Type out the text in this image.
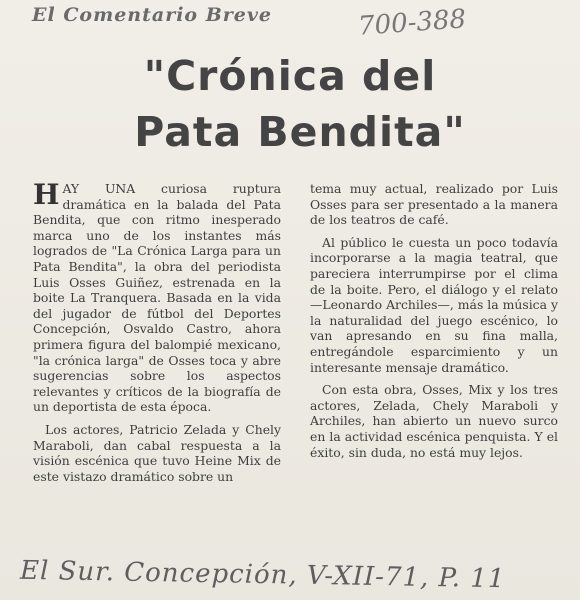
El Comentario Breve	700-388
"Crónica del
Pata Bendita"

HAY UNA curiosa ruptura dramática en la balada del Pata Bendita, que con ritmo inesperado marca uno de los instantes más logrados de "La Crónica Larga para un Pata Bendita", la obra del periodista Luis Osses Guiñez, estrenada en la boite La Tranquera. Basada en la vida del jugador de fútbol del Deportes Concepción, Osvaldo Castro, ahora primera figura del balompié mexicano, "la crónica larga" de Osses toca y abre sugerencias sobre los aspectos relevantes y críticos de la biografía de un deportista de esta época.

Los actores, Patricio Zelada y Chely Maraboli, dan cabal respuesta a la visión escénica que tuvo Heine Mix de este vistazo dramático sobre un

tema muy actual, realizado por Luis Osses para ser presentado a la manera de los teatros de café.

Al público le cuesta un poco todavía incorporarse a la magia teatral, que pareciera interrumpirse por el clima de la boite. Pero, el diálogo y el relato —Leonardo Archiles—, más la música y la naturalidad del juego escénico, lo van apresando en su fina malla, entregándole esparcimiento y un interesante mensaje dramático.

Con esta obra, Osses, Mix y los tres actores, Zelada, Chely Maraboli y Archiles, han abierto un nuevo surco en la actividad escénica penquista. Y el éxito, sin duda, no está muy lejos.

El Sur. Concepción, V-XII-71, P. 11
